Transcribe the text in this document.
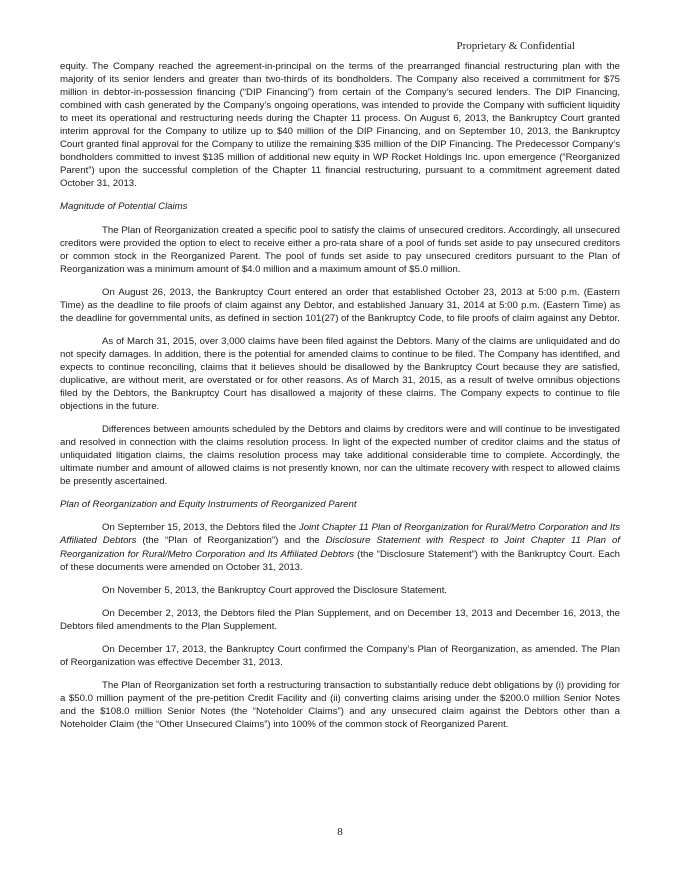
Proprietary & Confidential

equity. The Company reached the agreement-in-principal on the terms of the prearranged financial restructuring plan with the majority of its senior lenders and greater than two-thirds of its bondholders. The Company also received a commitment for $75 million in debtor-in-possession financing (“DIP Financing”) from certain of the Company’s secured lenders. The DIP Financing, combined with cash generated by the Company’s ongoing operations, was intended to provide the Company with sufficient liquidity to meet its operational and restructuring needs during the Chapter 11 process. On August 6, 2013, the Bankruptcy Court granted interim approval for the Company to utilize up to $40 million of the DIP Financing, and on September 10, 2013, the Bankruptcy Court granted final approval for the Company to utilize the remaining $35 million of the DIP Financing. The Predecessor Company’s bondholders committed to invest $135 million of additional new equity in WP Rocket Holdings Inc. upon emergence (“Reorganized Parent”) upon the successful completion of the Chapter 11 financial restructuring, pursuant to a commitment agreement dated October 31, 2013.

Magnitude of Potential Claims

The Plan of Reorganization created a specific pool to satisfy the claims of unsecured creditors. Accordingly, all unsecured creditors were provided the option to elect to receive either a pro-rata share of a pool of funds set aside to pay unsecured creditors or common stock in the Reorganized Parent. The pool of funds set aside to pay unsecured creditors pursuant to the Plan of Reorganization was a minimum amount of $4.0 million and a maximum amount of $5.0 million.

On August 26, 2013, the Bankruptcy Court entered an order that established October 23, 2013 at 5:00 p.m. (Eastern Time) as the deadline to file proofs of claim against any Debtor, and established January 31, 2014 at 5:00 p.m. (Eastern Time) as the deadline for governmental units, as defined in section 101(27) of the Bankruptcy Code, to file proofs of claim against any Debtor.

As of March 31, 2015, over 3,000 claims have been filed against the Debtors. Many of the claims are unliquidated and do not specify damages. In addition, there is the potential for amended claims to continue to be filed. The Company has identified, and expects to continue reconciling, claims that it believes should be disallowed by the Bankruptcy Court because they are satisfied, duplicative, are without merit, are overstated or for other reasons. As of March 31, 2015, as a result of twelve omnibus objections filed by the Debtors, the Bankruptcy Court has disallowed a majority of these claims. The Company expects to continue to file objections in the future.

Differences between amounts scheduled by the Debtors and claims by creditors were and will continue to be investigated and resolved in connection with the claims resolution process. In light of the expected number of creditor claims and the status of unliquidated litigation claims, the claims resolution process may take additional considerable time to complete. Accordingly, the ultimate number and amount of allowed claims is not presently known, nor can the ultimate recovery with respect to allowed claims be presently ascertained.

Plan of Reorganization and Equity Instruments of Reorganized Parent

On September 15, 2013, the Debtors filed the Joint Chapter 11 Plan of Reorganization for Rural/Metro Corporation and Its Affiliated Debtors (the “Plan of Reorganization”) and the Disclosure Statement with Respect to Joint Chapter 11 Plan of Reorganization for Rural/Metro Corporation and Its Affiliated Debtors (the “Disclosure Statement”) with the Bankruptcy Court. Each of these documents were amended on October 31, 2013.

On November 5, 2013, the Bankruptcy Court approved the Disclosure Statement.

On December 2, 2013, the Debtors filed the Plan Supplement, and on December 13, 2013 and December 16, 2013, the Debtors filed amendments to the Plan Supplement.

On December 17, 2013, the Bankruptcy Court confirmed the Company’s Plan of Reorganization, as amended. The Plan of Reorganization was effective December 31, 2013.

The Plan of Reorganization set forth a restructuring transaction to substantially reduce debt obligations by (i) providing for a $50.0 million payment of the pre-petition Credit Facility and (ii) converting claims arising under the $200.0 million Senior Notes and the $108.0 million Senior Notes (the “Noteholder Claims”) and any unsecured claim against the Debtors other than a Noteholder Claim (the “Other Unsecured Claims”) into 100% of the common stock of Reorganized Parent.

8
